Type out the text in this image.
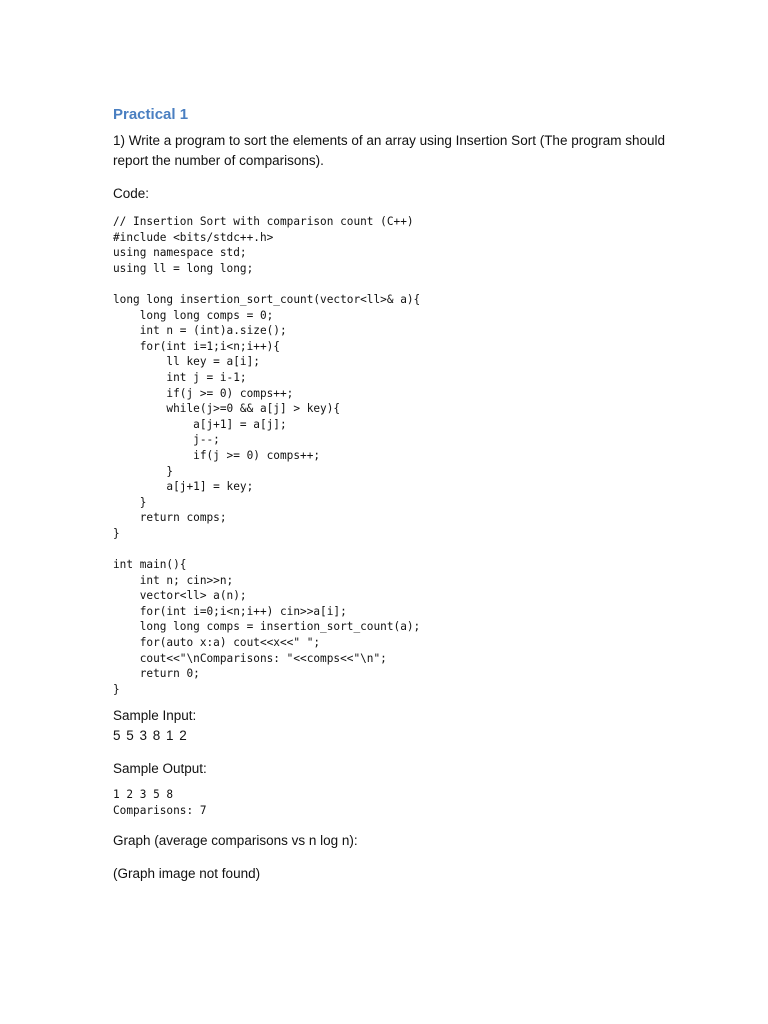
Practical 1

1) Write a program to sort the elements of an array using Insertion Sort (The program should report the number of comparisons).

Code:

// Insertion Sort with comparison count (C++)
#include <bits/stdc++.h>
using namespace std;
using ll = long long;

long long insertion_sort_count(vector<ll>& a){
long long comps = 0;
int n = (int)a.size();
for(int i=1;i<n;i++){
ll key = a[i];
int j = i-1;
if(j >= 0) comps++;
while(j>=0 && a[j] > key){
a[j+1] = a[j];
j--;
if(j >= 0) comps++;
}
a[j+1] = key;
}
return comps;
}

int main(){
int n; cin>>n;
vector<ll> a(n);
for(int i=0;i<n;i++) cin>>a[i];
long long comps = insertion_sort_count(a);
for(auto x:a) cout<<x<<" ";
cout<<"\nComparisons: "<<comps<<"\n";
return 0;
}

Sample Input:

5 5 3 8 1 2

Sample Output:

1 2 3 5 8
Comparisons: 7

Graph (average comparisons vs n log n):

(Graph image not found)
